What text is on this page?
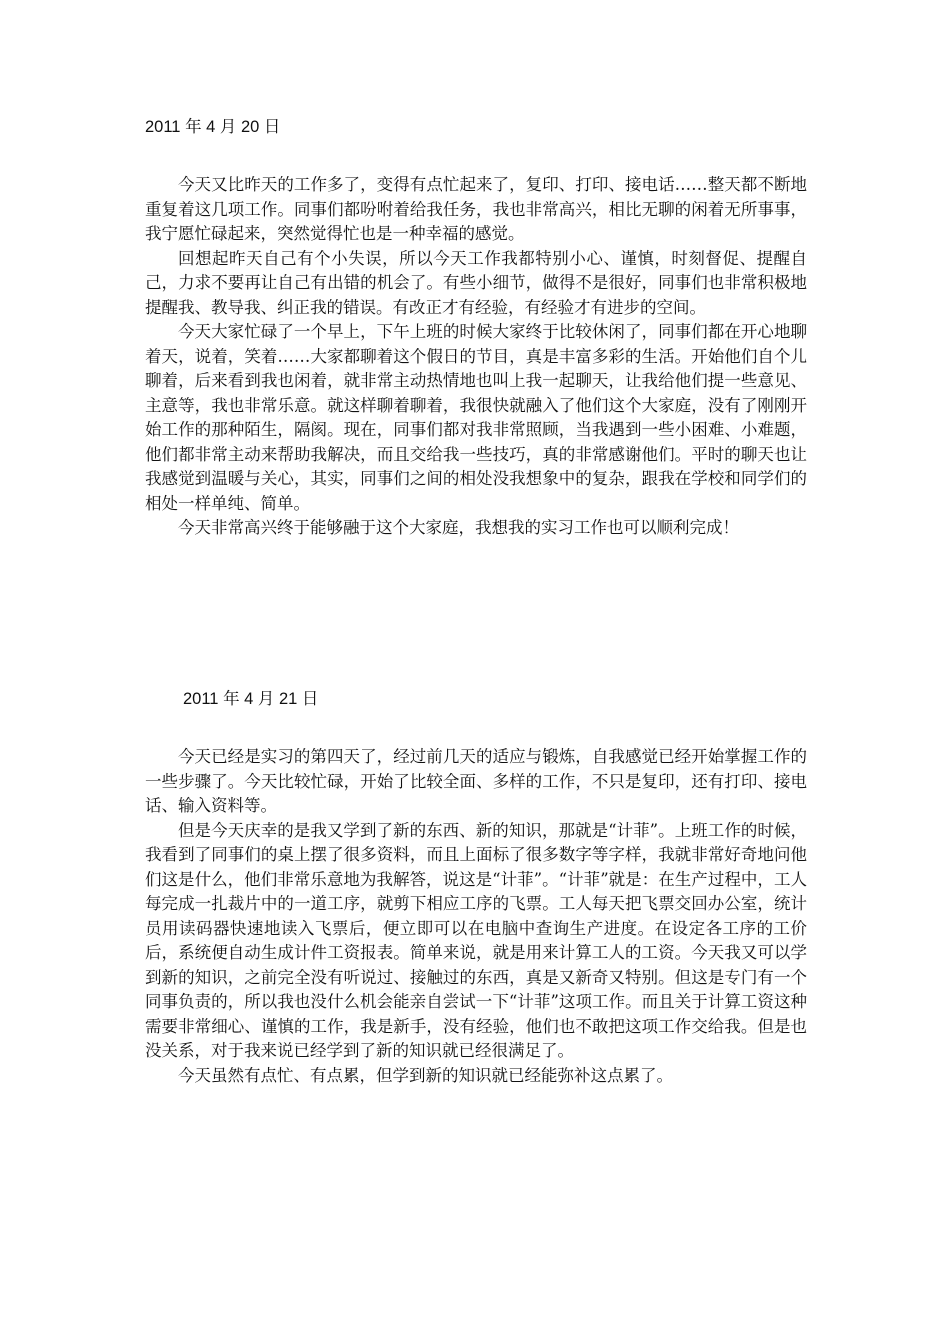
2011 年 4 月 20 日

今天又比昨天的工作多了，变得有点忙起来了，复印、打印、接电话……整天都不断地重复着这几项工作。同事们都吩咐着给我任务，我也非常高兴，相比无聊的闲着无所事事，我宁愿忙碌起来，突然觉得忙也是一种幸福的感觉。

回想起昨天自己有个小失误，所以今天工作我都特别小心、谨慎，时刻督促、提醒自己，力求不要再让自己有出错的机会了。有些小细节，做得不是很好，同事们也非常积极地提醒我、教导我、纠正我的错误。有改正才有经验，有经验才有进步的空间。

今天大家忙碌了一个早上，下午上班的时候大家终于比较休闲了，同事们都在开心地聊着天，说着，笑着……大家都聊着这个假日的节目，真是丰富多彩的生活。开始他们自个儿聊着，后来看到我也闲着，就非常主动热情地也叫上我一起聊天，让我给他们提一些意见、主意等，我也非常乐意。就这样聊着聊着，我很快就融入了他们这个大家庭，没有了刚刚开始工作的那种陌生，隔阂。现在，同事们都对我非常照顾，当我遇到一些小困难、小难题，他们都非常主动来帮助我解决，而且交给我一些技巧，真的非常感谢他们。平时的聊天也让我感觉到温暖与关心，其实，同事们之间的相处没我想象中的复杂，跟我在学校和同学们的相处一样单纯、简单。

今天非常高兴终于能够融于这个大家庭，我想我的实习工作也可以顺利完成！

2011 年 4 月 21 日

今天已经是实习的第四天了，经过前几天的适应与锻炼，自我感觉已经开始掌握工作的一些步骤了。今天比较忙碌，开始了比较全面、多样的工作，不只是复印，还有打印、接电话、输入资料等。

但是今天庆幸的是我又学到了新的东西、新的知识，那就是“计菲”。上班工作的时候，我看到了同事们的桌上摆了很多资料，而且上面标了很多数字等字样，我就非常好奇地问他们这是什么，他们非常乐意地为我解答，说这是“计菲”。“计菲”就是：在生产过程中，工人每完成一扎裁片中的一道工序，就剪下相应工序的飞票。工人每天把飞票交回办公室，统计员用读码器快速地读入飞票后，便立即可以在电脑中查询生产进度。在设定各工序的工价后，系统便自动生成计件工资报表。简单来说，就是用来计算工人的工资。今天我又可以学到新的知识，之前完全没有听说过、接触过的东西，真是又新奇又特别。但这是专门有一个同事负责的，所以我也没什么机会能亲自尝试一下“计菲”这项工作。而且关于计算工资这种需要非常细心、谨慎的工作，我是新手，没有经验，他们也不敢把这项工作交给我。但是也没关系，对于我来说已经学到了新的知识就已经很满足了。

今天虽然有点忙、有点累，但学到新的知识就已经能弥补这点累了。
